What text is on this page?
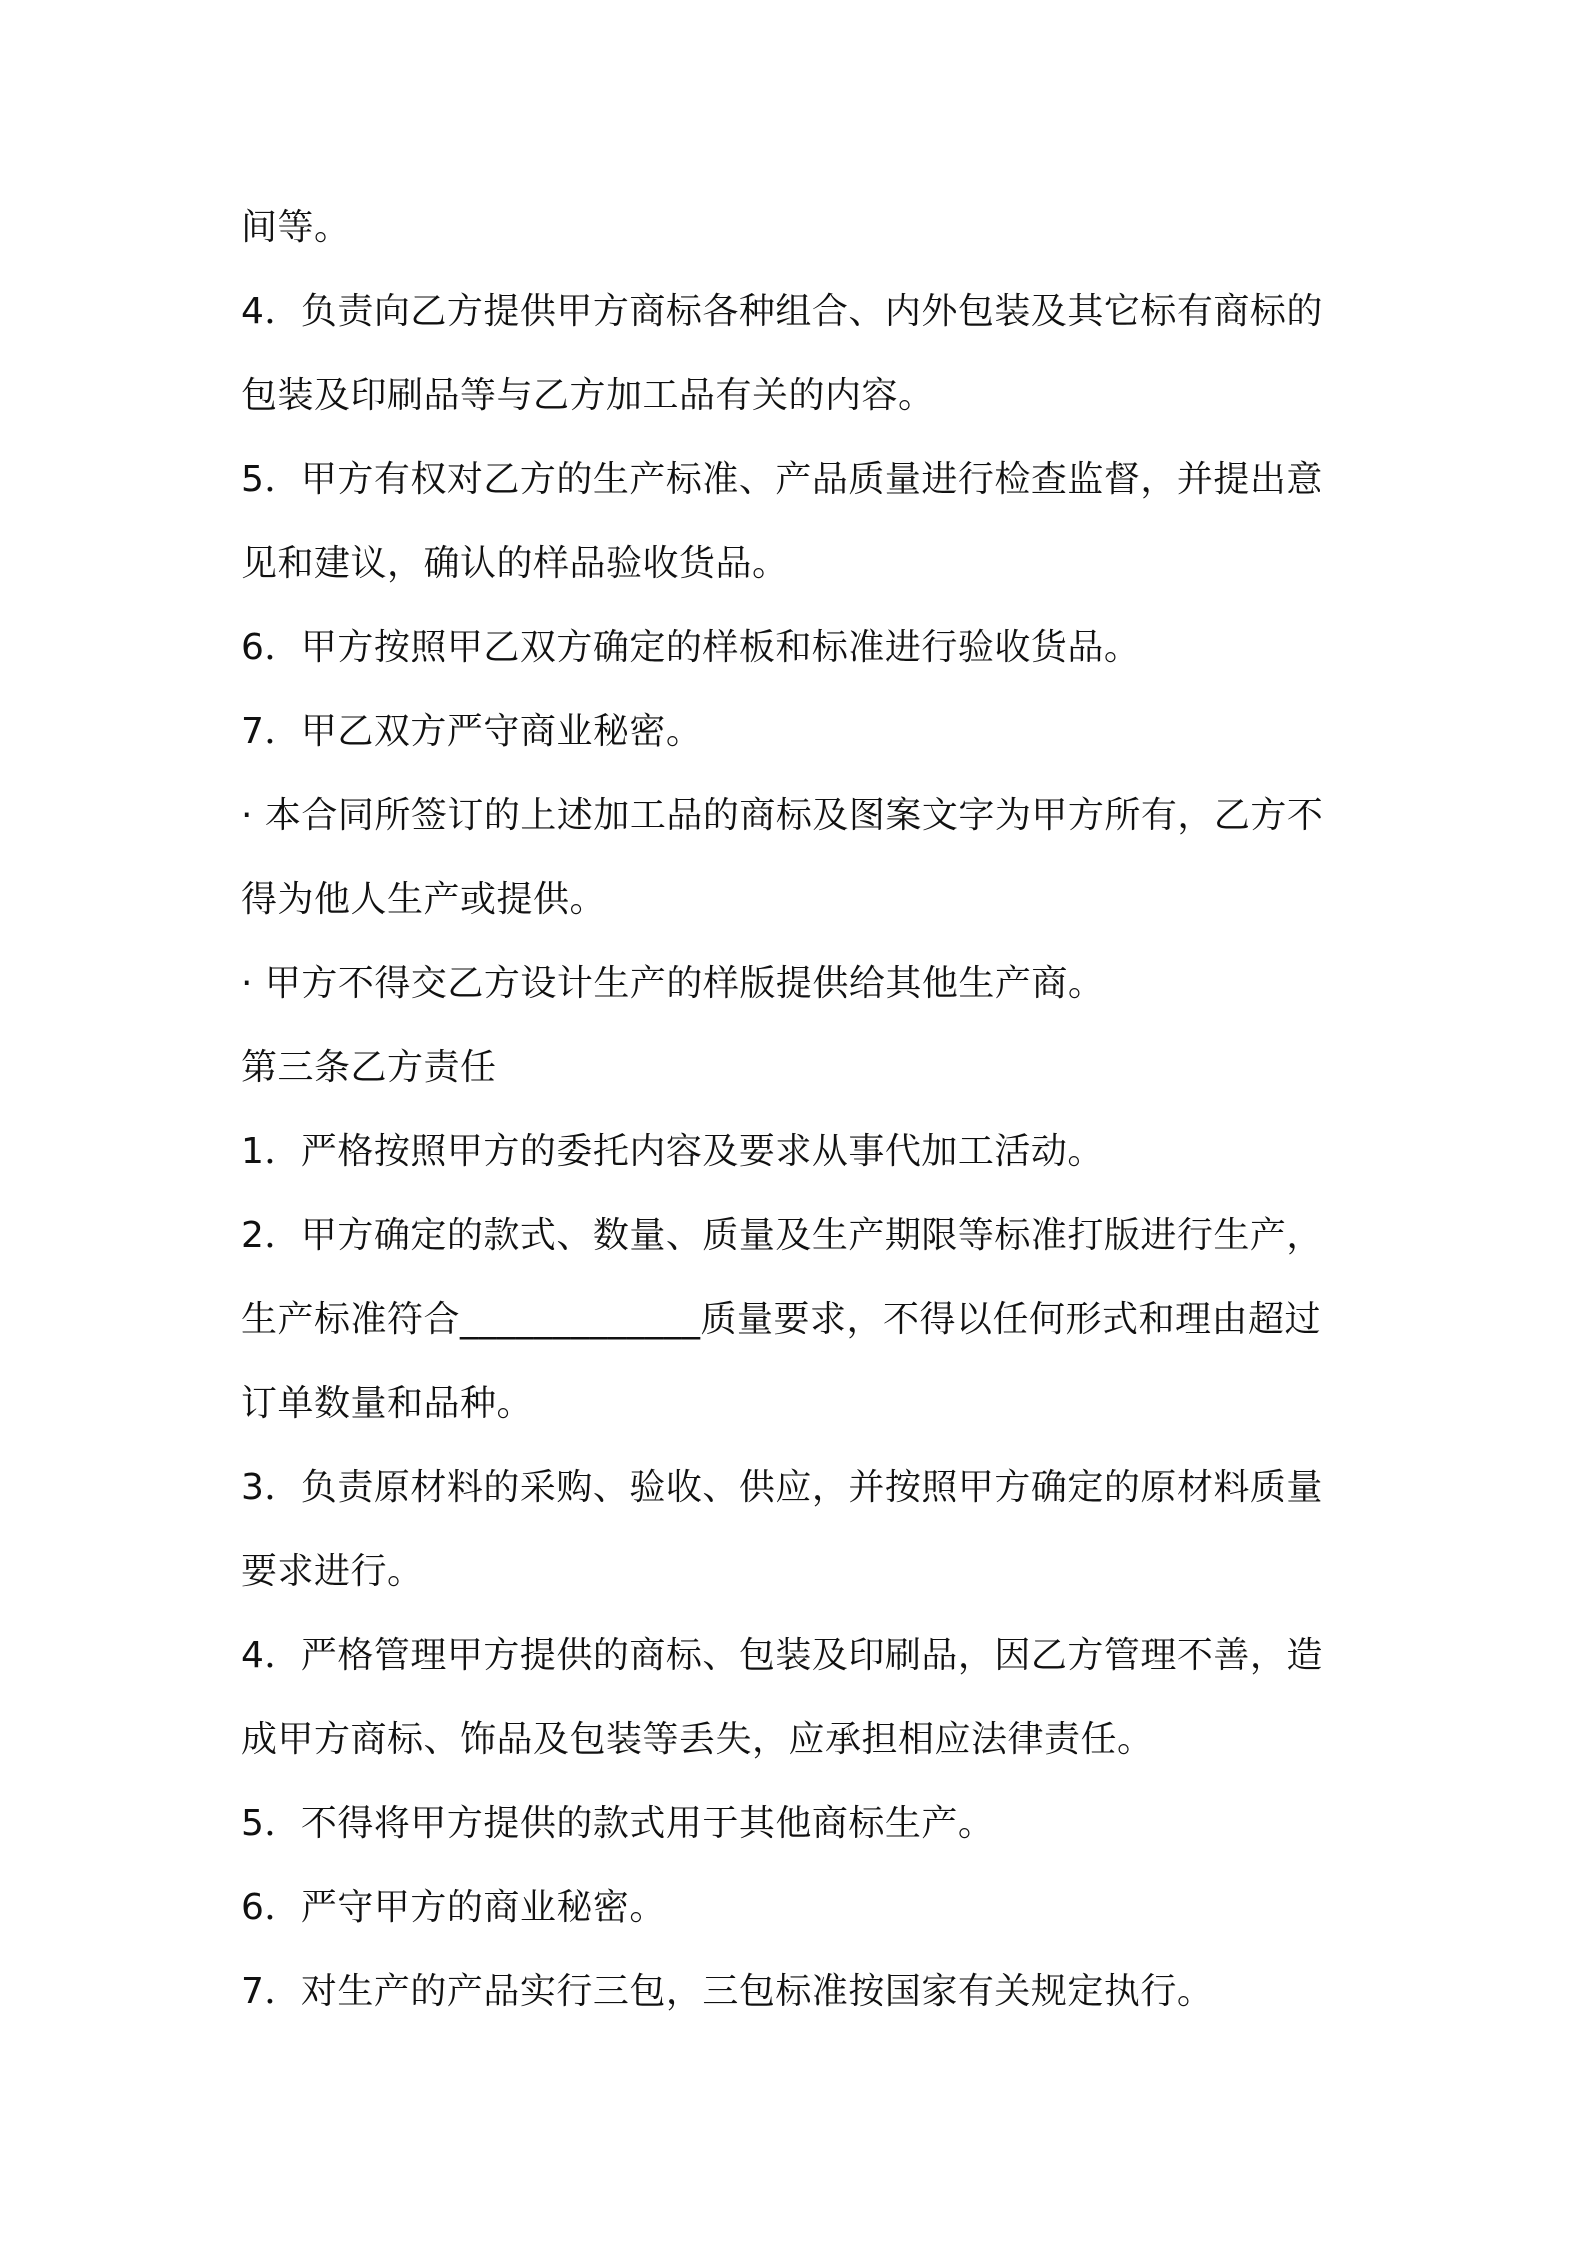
间等。
4．负责向乙方提供甲方商标各种组合、内外包装及其它标有商标的
包装及印刷品等与乙方加工品有关的内容。
5．甲方有权对乙方的生产标准、产品质量进行检查监督，并提出意
见和建议，确认的样品验收货品。
6．甲方按照甲乙双方确定的样板和标准进行验收货品。
7．甲乙双方严守商业秘密。
· 本合同所签订的上述加工品的商标及图案文字为甲方所有，乙方不
得为他人生产或提供。
· 甲方不得交乙方设计生产的样版提供给其他生产商。
第三条乙方责任
1．严格按照甲方的委托内容及要求从事代加工活动。
2．甲方确定的款式、数量、质量及生产期限等标准打版进行生产，
生产标准符合_____________质量要求，不得以任何形式和理由超过
订单数量和品种。
3．负责原材料的采购、验收、供应，并按照甲方确定的原材料质量
要求进行。
4．严格管理甲方提供的商标、包装及印刷品，因乙方管理不善，造
成甲方商标、饰品及包装等丢失，应承担相应法律责任。
5．不得将甲方提供的款式用于其他商标生产。
6．严守甲方的商业秘密。
7．对生产的产品实行三包，三包标准按国家有关规定执行。
